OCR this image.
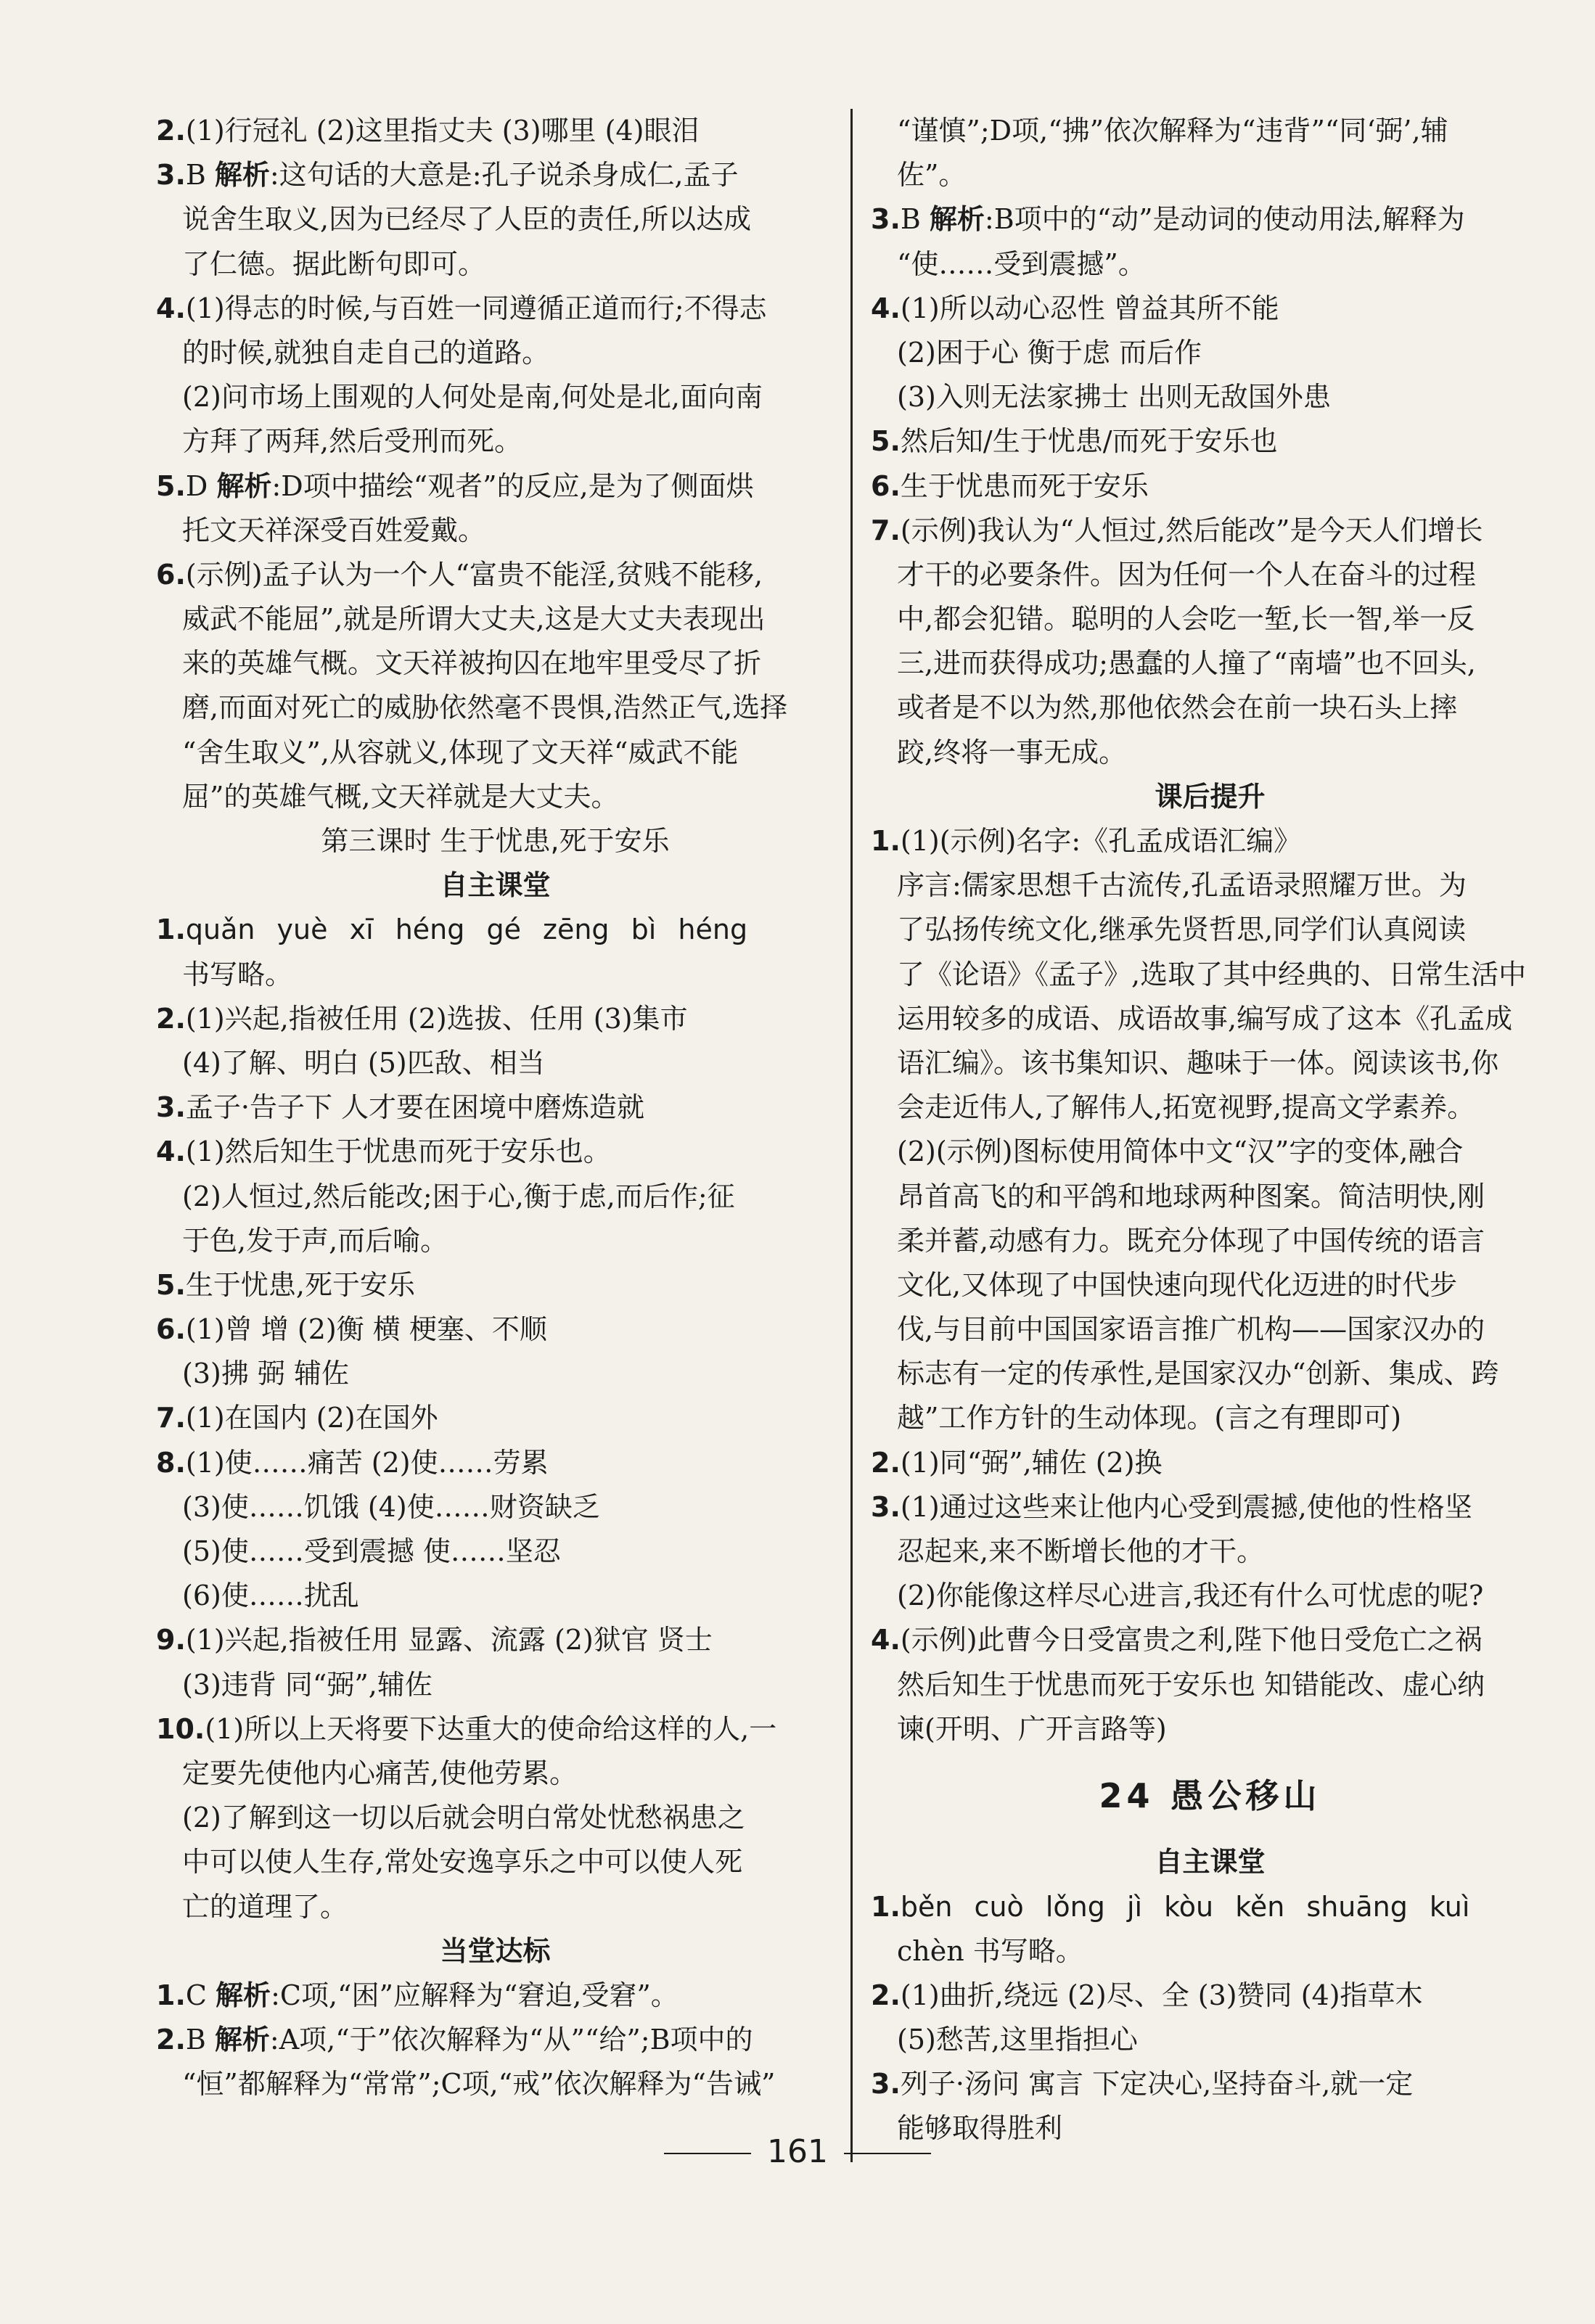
2.(1)行冠礼 (2)这里指丈夫 (3)哪里 (4)眼泪
3.B 解析:这句话的大意是:孔子说杀身成仁,孟子
说舍生取义,因为已经尽了人臣的责任,所以达成
了仁德。据此断句即可。
4.(1)得志的时候,与百姓一同遵循正道而行;不得志
的时候,就独自走自己的道路。
(2)问市场上围观的人何处是南,何处是北,面向南
方拜了两拜,然后受刑而死。
5.D 解析:D项中描绘“观者”的反应,是为了侧面烘
托文天祥深受百姓爱戴。
6.(示例)孟子认为一个人“富贵不能淫,贫贱不能移,
威武不能屈”,就是所谓大丈夫,这是大丈夫表现出
来的英雄气概。文天祥被拘囚在地牢里受尽了折
磨,而面对死亡的威胁依然毫不畏惧,浩然正气,选择
“舍生取义”,从容就义,体现了文天祥“威武不能
屈”的英雄气概,文天祥就是大丈夫。
第三课时 生于忧患,死于安乐
自主课堂
1.quǎn yuè xī héng gé zēng bì héng
书写略。
2.(1)兴起,指被任用 (2)选拔、任用 (3)集市
(4)了解、明白 (5)匹敌、相当
3.孟子·告子下 人才要在困境中磨炼造就
4.(1)然后知生于忧患而死于安乐也。
(2)人恒过,然后能改;困于心,衡于虑,而后作;征
于色,发于声,而后喻。
5.生于忧患,死于安乐
6.(1)曾 增 (2)衡 横 梗塞、不顺
(3)拂 弼 辅佐
7.(1)在国内 (2)在国外
8.(1)使……痛苦 (2)使……劳累
(3)使……饥饿 (4)使……财资缺乏
(5)使……受到震撼 使……坚忍
(6)使……扰乱
9.(1)兴起,指被任用 显露、流露 (2)狱官 贤士
(3)违背 同“弼”,辅佐
10.(1)所以上天将要下达重大的使命给这样的人,一
定要先使他内心痛苦,使他劳累。
(2)了解到这一切以后就会明白常处忧愁祸患之
中可以使人生存,常处安逸享乐之中可以使人死
亡的道理了。
当堂达标
1.C 解析:C项,“困”应解释为“窘迫,受窘”。
2.B 解析:A项,“于”依次解释为“从”“给”;B项中的
“恒”都解释为“常常”;C项,“戒”依次解释为“告诫”
“谨慎”;D项,“拂”依次解释为“违背”“同‘弼’,辅
佐”。
3.B 解析:B项中的“动”是动词的使动用法,解释为
“使……受到震撼”。
4.(1)所以动心忍性 曾益其所不能
(2)困于心 衡于虑 而后作
(3)入则无法家拂士 出则无敌国外患
5.然后知/生于忧患/而死于安乐也
6.生于忧患而死于安乐
7.(示例)我认为“人恒过,然后能改”是今天人们增长
才干的必要条件。因为任何一个人在奋斗的过程
中,都会犯错。聪明的人会吃一堑,长一智,举一反
三,进而获得成功;愚蠢的人撞了“南墙”也不回头,
或者是不以为然,那他依然会在前一块石头上摔
跤,终将一事无成。
课后提升
1.(1)(示例)名字:《孔孟成语汇编》
序言:儒家思想千古流传,孔孟语录照耀万世。为
了弘扬传统文化,继承先贤哲思,同学们认真阅读
了《论语》《孟子》,选取了其中经典的、日常生活中
运用较多的成语、成语故事,编写成了这本《孔孟成
语汇编》。该书集知识、趣味于一体。阅读该书,你
会走近伟人,了解伟人,拓宽视野,提高文学素养。
(2)(示例)图标使用简体中文“汉”字的变体,融合
昂首高飞的和平鸽和地球两种图案。简洁明快,刚
柔并蓄,动感有力。既充分体现了中国传统的语言
文化,又体现了中国快速向现代化迈进的时代步
伐,与目前中国国家语言推广机构——国家汉办的
标志有一定的传承性,是国家汉办“创新、集成、跨
越”工作方针的生动体现。(言之有理即可)
2.(1)同“弼”,辅佐 (2)换
3.(1)通过这些来让他内心受到震撼,使他的性格坚
忍起来,来不断增长他的才干。
(2)你能像这样尽心进言,我还有什么可忧虑的呢?
4.(示例)此曹今日受富贵之利,陛下他日受危亡之祸
然后知生于忧患而死于安乐也 知错能改、虚心纳
谏(开明、广开言路等)
24 愚公移山
自主课堂
1.běn cuò lǒng jì kòu kěn shuāng kuì
chèn 书写略。
2.(1)曲折,绕远 (2)尽、全 (3)赞同 (4)指草木
(5)愁苦,这里指担心
3.列子·汤问 寓言 下定决心,坚持奋斗,就一定
能够取得胜利
161
